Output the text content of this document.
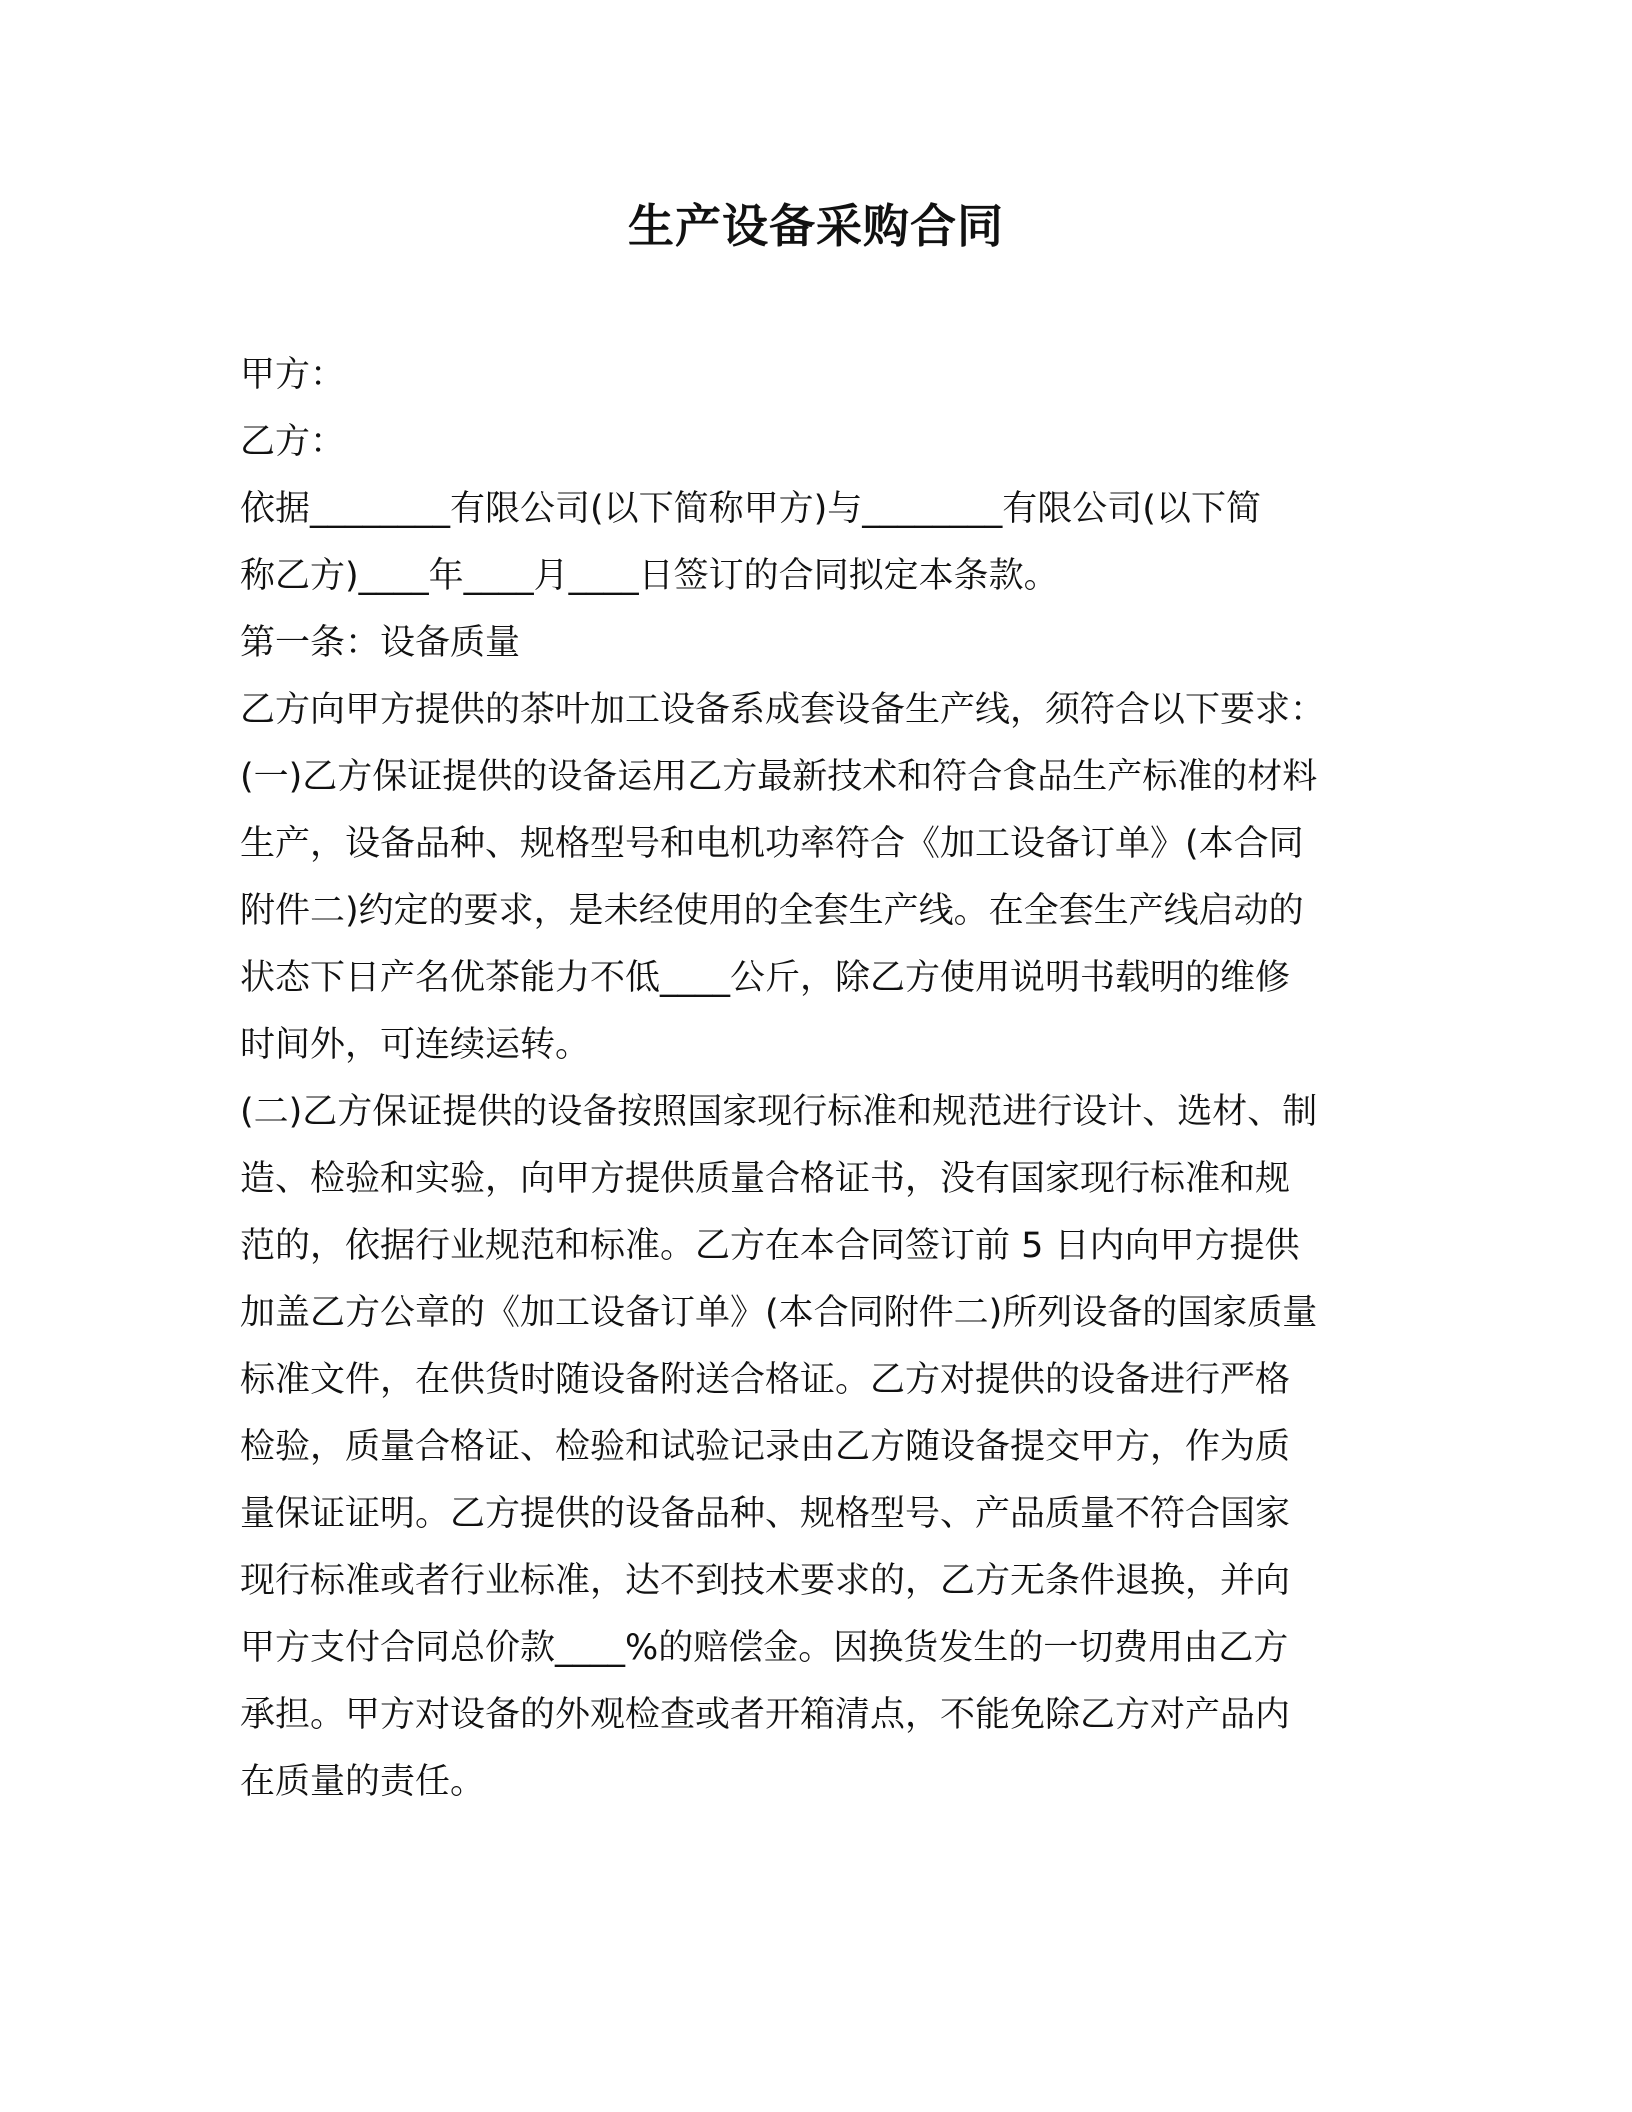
生产设备采购合同
甲方：
乙方：
依据________有限公司(以下简称甲方)与________有限公司(以下简
称乙方)____年____月____日签订的合同拟定本条款。
第一条：设备质量
乙方向甲方提供的茶叶加工设备系成套设备生产线，须符合以下要求：
(一)乙方保证提供的设备运用乙方最新技术和符合食品生产标准的材料
生产，设备品种、规格型号和电机功率符合《加工设备订单》(本合同
附件二)约定的要求，是未经使用的全套生产线。在全套生产线启动的
状态下日产名优茶能力不低____公斤，除乙方使用说明书载明的维修
时间外，可连续运转。
(二)乙方保证提供的设备按照国家现行标准和规范进行设计、选材、制
造、检验和实验，向甲方提供质量合格证书，没有国家现行标准和规
范的，依据行业规范和标准。乙方在本合同签订前 5 日内向甲方提供
加盖乙方公章的《加工设备订单》(本合同附件二)所列设备的国家质量
标准文件，在供货时随设备附送合格证。乙方对提供的设备进行严格
检验，质量合格证、检验和试验记录由乙方随设备提交甲方，作为质
量保证证明。乙方提供的设备品种、规格型号、产品质量不符合国家
现行标准或者行业标准，达不到技术要求的，乙方无条件退换，并向
甲方支付合同总价款____%的赔偿金。因换货发生的一切费用由乙方
承担。甲方对设备的外观检查或者开箱清点，不能免除乙方对产品内
在质量的责任。
